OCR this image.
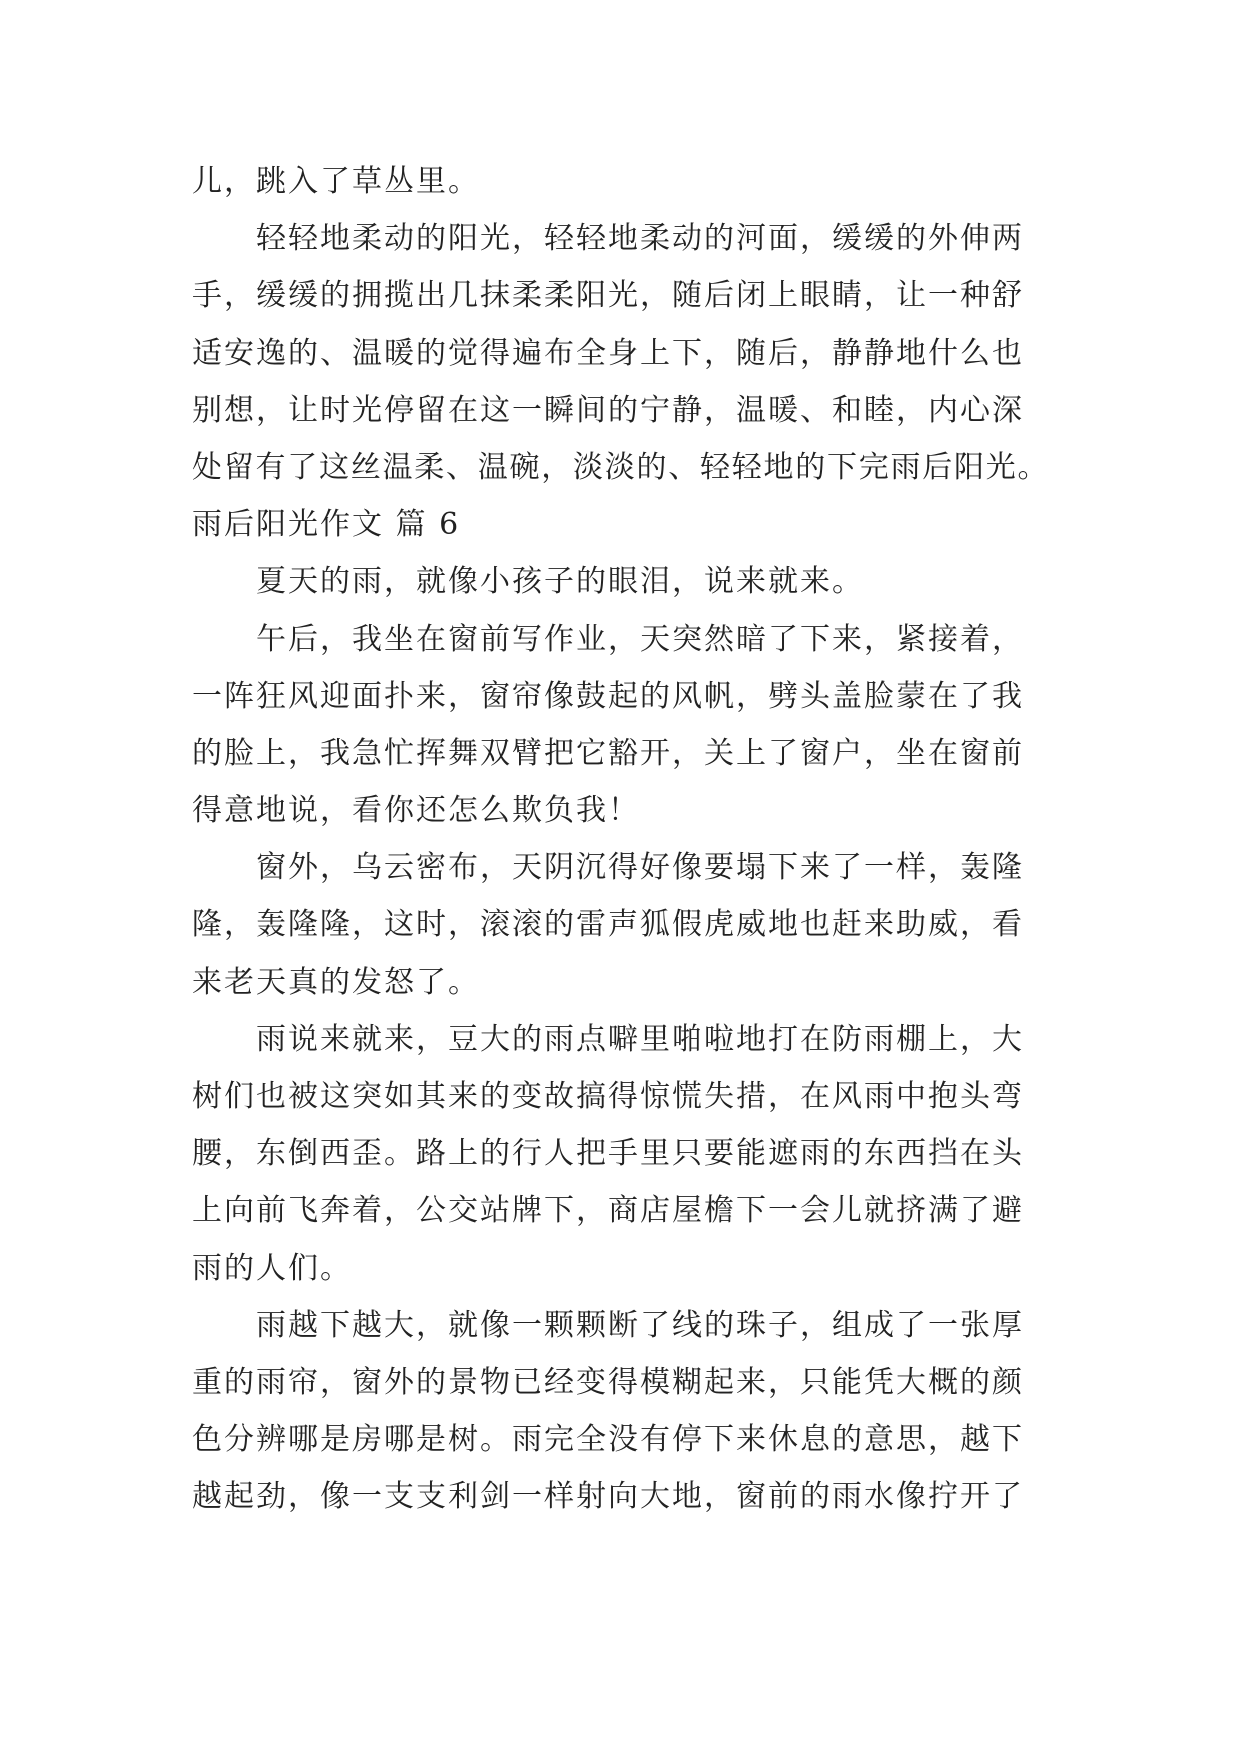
儿，跳入了草丛里。
轻轻地柔动的阳光，轻轻地柔动的河面，缓缓的外伸两
手，缓缓的拥揽出几抹柔柔阳光，随后闭上眼睛，让一种舒
适安逸的、温暖的觉得遍布全身上下，随后，静静地什么也
别想，让时光停留在这一瞬间的宁静，温暖、和睦，内心深
处留有了这丝温柔、温碗，淡淡的、轻轻地的下完雨后阳光。
雨后阳光作文 篇 6
夏天的雨，就像小孩子的眼泪，说来就来。
午后，我坐在窗前写作业，天突然暗了下来，紧接着，
一阵狂风迎面扑来，窗帘像鼓起的风帆，劈头盖脸蒙在了我
的脸上，我急忙挥舞双臂把它豁开，关上了窗户，坐在窗前
得意地说，看你还怎么欺负我！
窗外，乌云密布，天阴沉得好像要塌下来了一样，轰隆
隆，轰隆隆，这时，滚滚的雷声狐假虎威地也赶来助威，看
来老天真的发怒了。
雨说来就来，豆大的雨点噼里啪啦地打在防雨棚上，大
树们也被这突如其来的变故搞得惊慌失措，在风雨中抱头弯
腰，东倒西歪。路上的行人把手里只要能遮雨的东西挡在头
上向前飞奔着，公交站牌下，商店屋檐下一会儿就挤满了避
雨的人们。
雨越下越大，就像一颗颗断了线的珠子，组成了一张厚
重的雨帘，窗外的景物已经变得模糊起来，只能凭大概的颜
色分辨哪是房哪是树。雨完全没有停下来休息的意思，越下
越起劲，像一支支利剑一样射向大地，窗前的雨水像拧开了
